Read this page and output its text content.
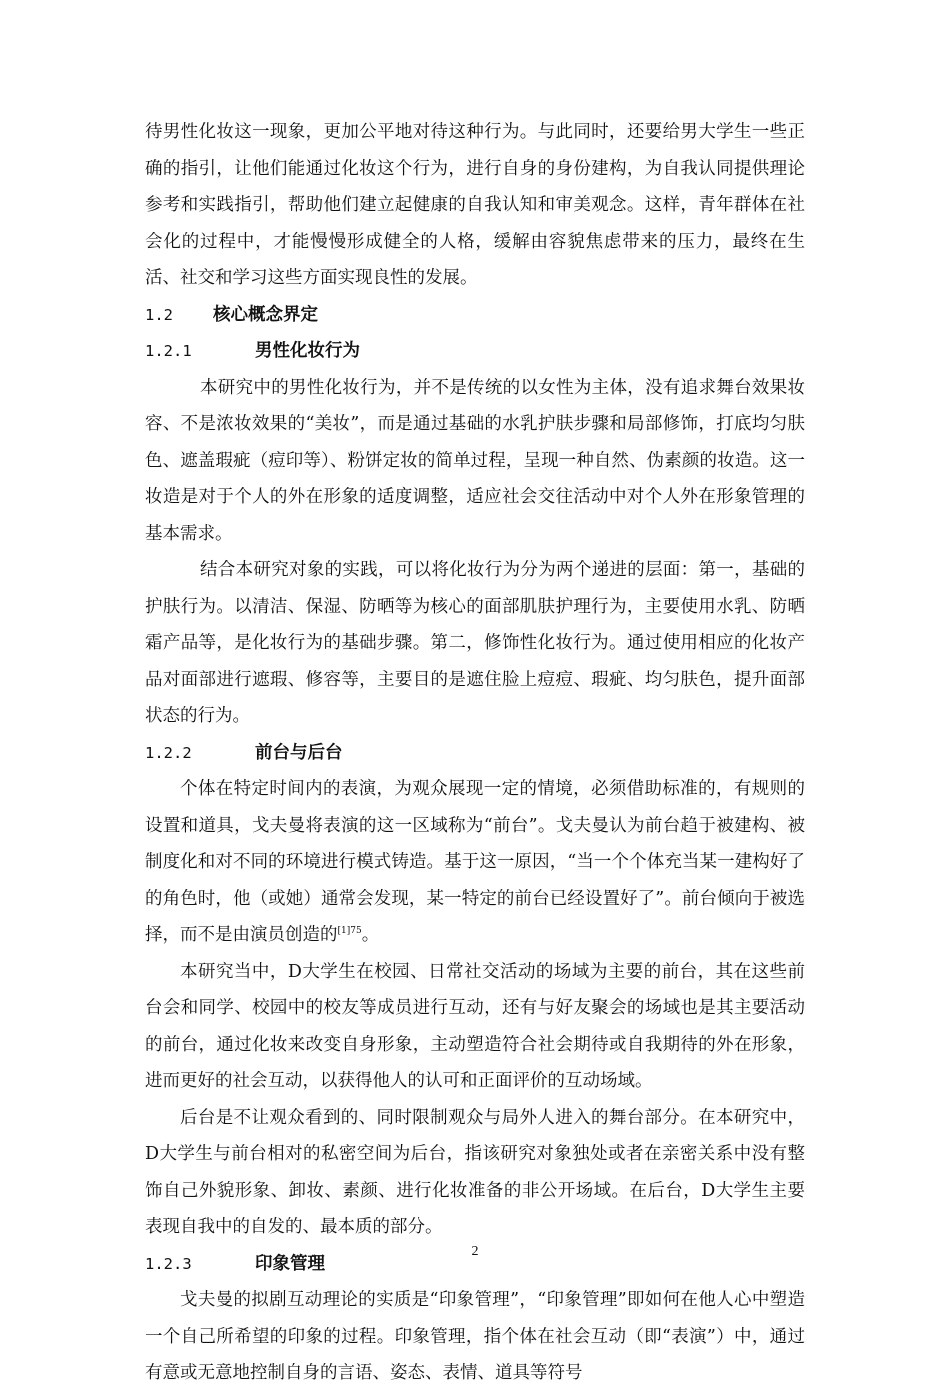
待男性化妆这一现象，更加公平地对待这种行为。与此同时，还要给男大学生一些正确的指引，让他们能通过化妆这个行为，进行自身的身份建构，为自我认同提供理论参考和实践指引，帮助他们建立起健康的自我认知和审美观念。这样，青年群体在社会化的过程中，才能慢慢形成健全的人格，缓解由容貌焦虑带来的压力，最终在生活、社交和学习这些方面实现良性的发展。

1.2 核心概念界定

1.2.1	男性化妆行为

本研究中的男性化妆行为，并不是传统的以女性为主体，没有追求舞台效果妆容、不是浓妆效果的“美妆”，而是通过基础的水乳护肤步骤和局部修饰，打底均匀肤色、遮盖瑕疵（痘印等）、粉饼定妆的简单过程，呈现一种自然、伪素颜的妆造。这一妆造是对于个人的外在形象的适度调整，适应社会交往活动中对个人外在形象管理的基本需求。

结合本研究对象的实践，可以将化妆行为分为两个递进的层面：第一，基础的护肤行为。以清洁、保湿、防晒等为核心的面部肌肤护理行为，主要使用水乳、防晒霜产品等，是化妆行为的基础步骤。第二，修饰性化妆行为。通过使用相应的化妆产品对面部进行遮瑕、修容等，主要目的是遮住脸上痘痘、瑕疵、均匀肤色，提升面部状态的行为。

1.2.2	前台与后台

个体在特定时间内的表演，为观众展现一定的情境，必须借助标准的，有规则的设置和道具，戈夫曼将表演的这一区域称为“前台”。戈夫曼认为前台趋于被建构、被制度化和对不同的环境进行模式铸造。基于这一原因，“当一个个体充当某一建构好了的角色时，他（或她）通常会发现，某一特定的前台已经设置好了”。前台倾向于被选择，而不是由演员创造的$^{[1]75}$。

本研究当中，D大学生在校园、日常社交活动的场域为主要的前台，其在这些前台会和同学、校园中的校友等成员进行互动，还有与好友聚会的场域也是其主要活动的前台，通过化妆来改变自身形象，主动塑造符合社会期待或自我期待的外在形象，进而更好的社会互动，以获得他人的认可和正面评价的互动场域。

后台是不让观众看到的、同时限制观众与局外人进入的舞台部分。在本研究中，D大学生与前台相对的私密空间为后台，指该研究对象独处或者在亲密关系中没有整饰自己外貌形象、卸妆、素颜、进行化妆准备的非公开场域。在后台，D大学生主要表现自我中的自发的、最本质的部分。

1.2.3	印象管理

戈夫曼的拟剧互动理论的实质是“印象管理”，“印象管理”即如何在他人心中塑造一个自己所希望的印象的过程。印象管理，指个体在社会互动（即“表演”）中，通过有意或无意地控制自身的言语、姿态、表情、道具等符号

2
